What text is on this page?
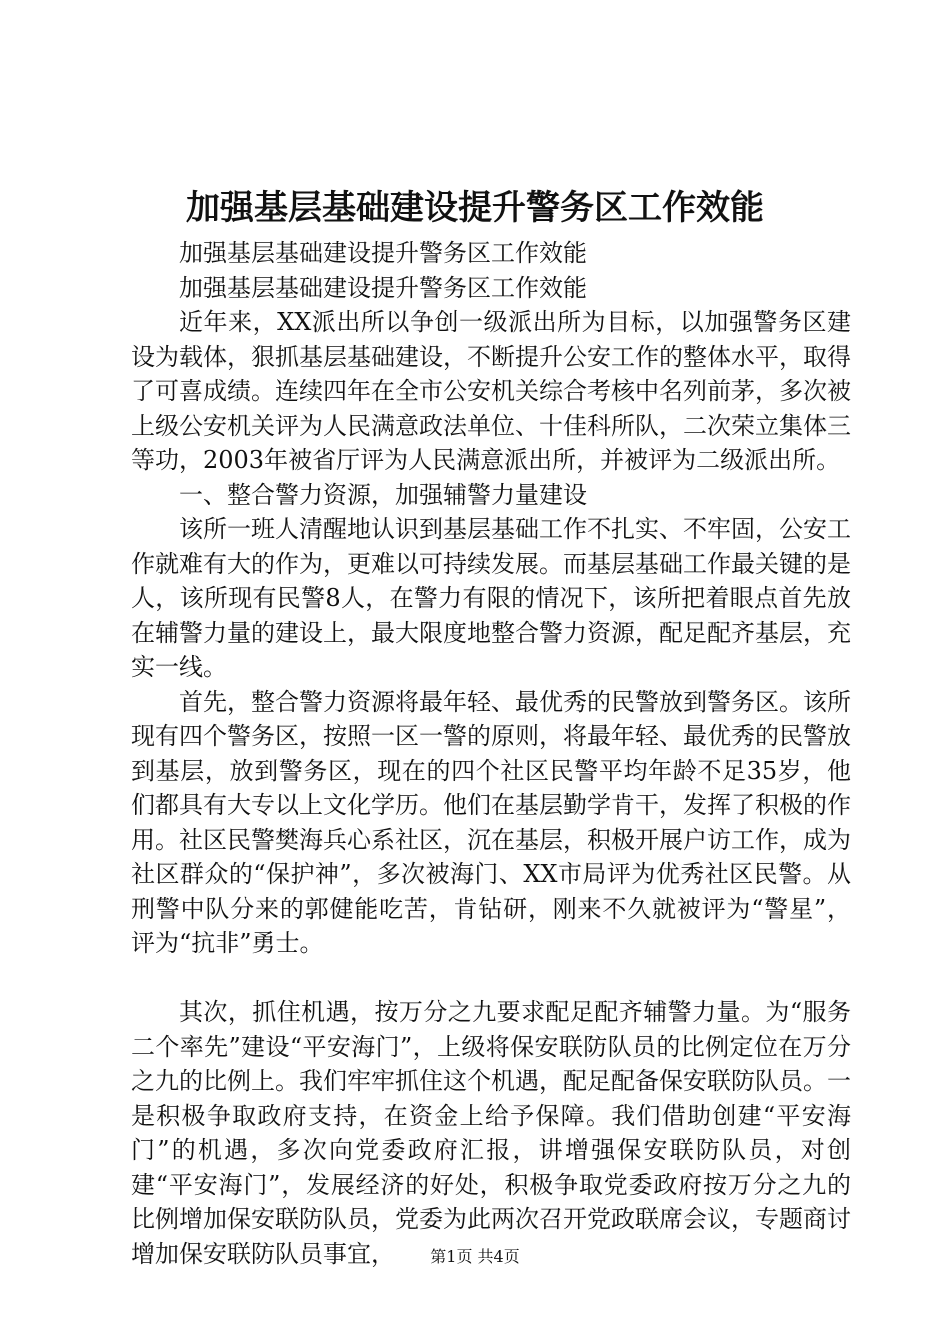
加强基层基础建设提升警务区工作效能

加强基层基础建设提升警务区工作效能

加强基层基础建设提升警务区工作效能

近年来，XX派出所以争创一级派出所为目标，以加强警务区建设为载体，狠抓基层基础建设，不断提升公安工作的整体水平，取得了可喜成绩。连续四年在全市公安机关综合考核中名列前茅，多次被上级公安机关评为人民满意政法单位、十佳科所队，二次荣立集体三等功，2003年被省厅评为人民满意派出所，并被评为二级派出所。

一、整合警力资源，加强辅警力量建设

该所一班人清醒地认识到基层基础工作不扎实、不牢固，公安工作就难有大的作为，更难以可持续发展。而基层基础工作最关键的是人，该所现有民警8人，在警力有限的情况下，该所把着眼点首先放在辅警力量的建设上，最大限度地整合警力资源，配足配齐基层，充实一线。

首先，整合警力资源将最年轻、最优秀的民警放到警务区。该所现有四个警务区，按照一区一警的原则，将最年轻、最优秀的民警放到基层，放到警务区，现在的四个社区民警平均年龄不足35岁，他们都具有大专以上文化学历。他们在基层勤学肯干，发挥了积极的作用。社区民警樊海兵心系社区，沉在基层，积极开展户访工作，成为社区群众的“保护神”，多次被海门、XX市局评为优秀社区民警。从刑警中队分来的郭健能吃苦，肯钻研，刚来不久就被评为“警星”，评为“抗非”勇士。

其次，抓住机遇，按万分之九要求配足配齐辅警力量。为“服务二个率先”建设“平安海门”，上级将保安联防队员的比例定位在万分之九的比例上。我们牢牢抓住这个机遇，配足配备保安联防队员。一是积极争取政府支持，在资金上给予保障。我们借助创建“平安海门”的机遇，多次向党委政府汇报，讲增强保安联防队员，对创建“平安海门”，发展经济的好处，积极争取党委政府按万分之九的比例增加保安联防队员，党委为此两次召开党政联席会议，专题商讨增加保安联防队员事宜，	第1页 共4页
